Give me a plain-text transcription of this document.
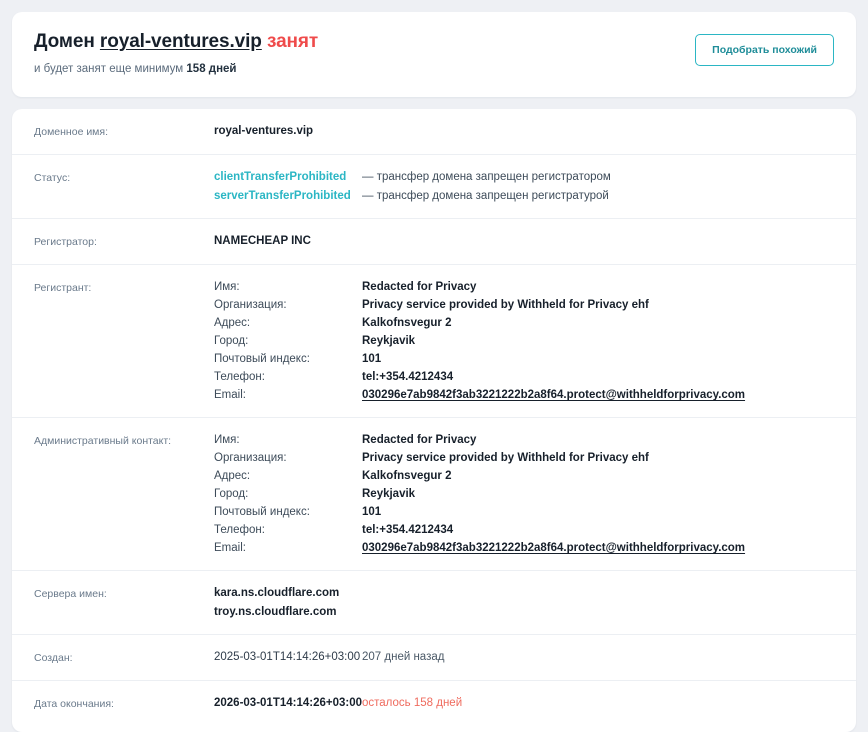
Домен royal-ventures.vip занят
и будет занят еще минимум 158 дней
Подобрать похожий
Доменное имя:	royal-ventures.vip
Статус:	clientTransferProhibited	— трансфер домена запрещен регистратором
serverTransferProhibited — трансфер домена запрещен регистратурой
Регистратор:	NAMECHEAP INC
Регистрант:	Имя:	Redacted for Privacy
Организация:	Privacy service provided by Withheld for Privacy ehf
Адрес:	Kalkofnsvegur 2
Город:	Reykjavik
Почтовый индекс:	101
Телефон:	tel:+354.4212434
Email:	030296e7ab9842f3ab3221222b2a8f64.protect@withheldforprivacy.com
Административный контакт:	Имя:	Redacted for Privacy
Организация:	Privacy service provided by Withheld for Privacy ehf
Адрес:	Kalkofnsvegur 2
Город:	Reykjavik
Почтовый индекс:	101
Телефон:	tel:+354.4212434
Email:	030296e7ab9842f3ab3221222b2a8f64.protect@withheldforprivacy.com
Сервера имен:	kara.ns.cloudflare.com
troy.ns.cloudflare.com
Создан:	2025-03-01T14:14:26+03:00 207 дней назад
Дата окончания:	2026-03-01T14:14:26+03:00 осталось 158 дней
